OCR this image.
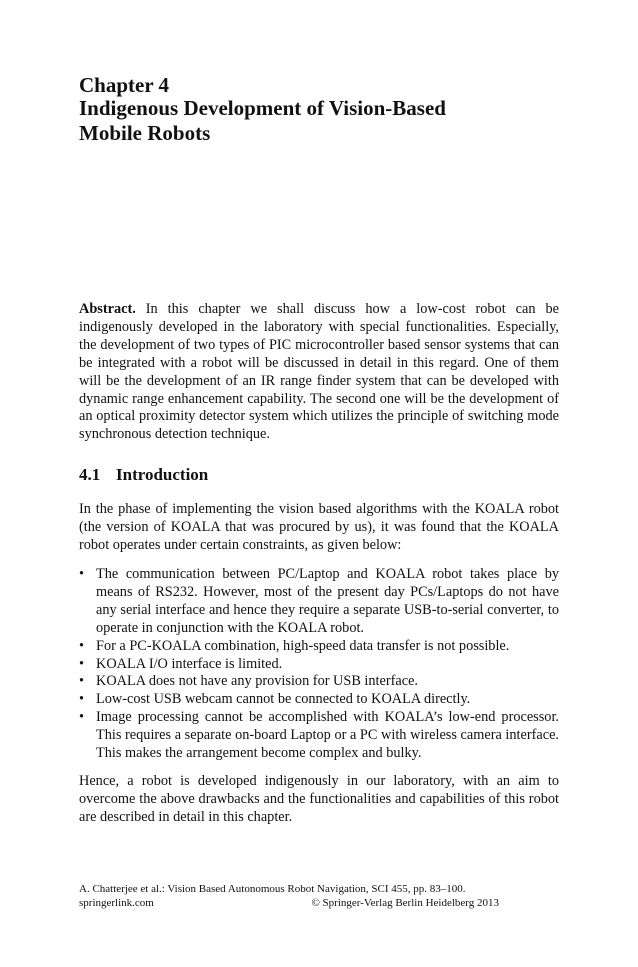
Chapter 4
Indigenous Development of Vision-Based
Mobile Robots

Abstract. In this chapter we shall discuss how a low-cost robot can be indigenously developed in the laboratory with special functionalities. Especially, the development of two types of PIC microcontroller based sensor systems that can be integrated with a robot will be discussed in detail in this regard. One of them will be the development of an IR range finder system that can be developed with dynamic range enhancement capability. The second one will be the development of an optical proximity detector system which utilizes the principle of switching mode synchronous detection technique.

4.1 Introduction

In the phase of implementing the vision based algorithms with the KOALA robot (the version of KOALA that was procured by us), it was found that the KOALA robot operates under certain constraints, as given below:

• The communication between PC/Laptop and KOALA robot takes place by means of RS232. However, most of the present day PCs/Laptops do not have any serial interface and hence they require a separate USB-to-serial converter, to operate in conjunction with the KOALA robot.
• For a PC-KOALA combination, high-speed data transfer is not possible.
• KOALA I/O interface is limited.
• KOALA does not have any provision for USB interface.
• Low-cost USB webcam cannot be connected to KOALA directly.
• Image processing cannot be accomplished with KOALA’s low-end processor. This requires a separate on-board Laptop or a PC with wireless camera interface. This makes the arrangement become complex and bulky.

Hence, a robot is developed indigenously in our laboratory, with an aim to overcome the above drawbacks and the functionalities and capabilities of this robot are described in detail in this chapter.

A. Chatterjee et al.: Vision Based Autonomous Robot Navigation, SCI 455, pp. 83–100.
springerlink.com	© Springer-Verlag Berlin Heidelberg 2013
